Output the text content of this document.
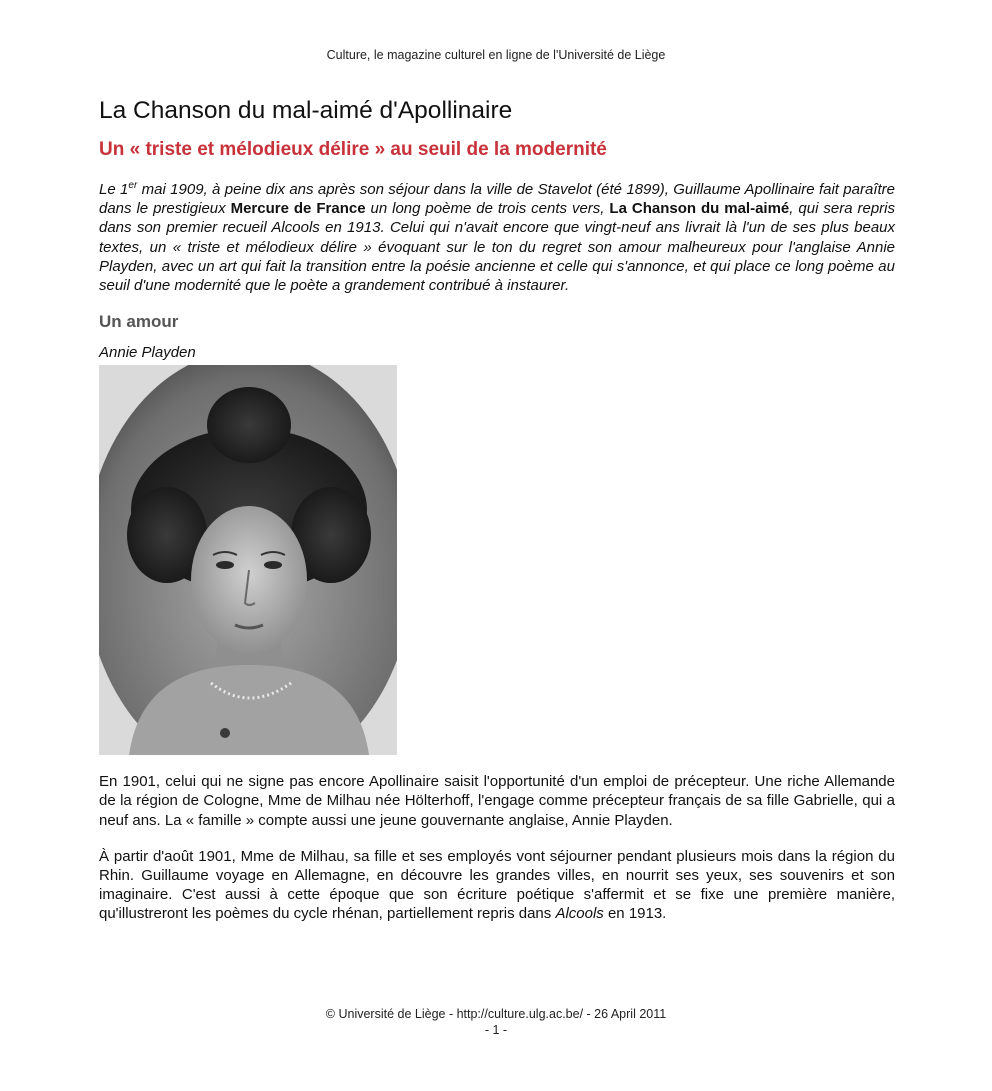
Culture, le magazine culturel en ligne de l'Université de Liège
La Chanson du mal-aimé d'Apollinaire
Un « triste et mélodieux délire » au seuil de la modernité

Le 1er mai 1909, à peine dix ans après son séjour dans la ville de Stavelot (été 1899), Guillaume Apollinaire fait paraître dans le prestigieux Mercure de France un long poème de trois cents vers, La Chanson du mal-aimé, qui sera repris dans son premier recueil Alcools en 1913. Celui qui n'avait encore que vingt-neuf ans livrait là l'un de ses plus beaux textes, un « triste et mélodieux délire » évoquant sur le ton du regret son amour malheureux pour l'anglaise Annie Playden, avec un art qui fait la transition entre la poésie ancienne et celle qui s'annonce, et qui place ce long poème au seuil d'une modernité que le poète a grandement contribué à instaurer.

Un amour

Annie Playden

En 1901, celui qui ne signe pas encore Apollinaire saisit l'opportunité d'un emploi de précepteur. Une riche Allemande de la région de Cologne, Mme de Milhau née Hölterhoff, l'engage comme précepteur français de sa fille Gabrielle, qui a neuf ans. La « famille » compte aussi une jeune gouvernante anglaise, Annie Playden.

À partir d'août 1901, Mme de Milhau, sa fille et ses employés vont séjourner pendant plusieurs mois dans la région du Rhin. Guillaume voyage en Allemagne, en découvre les grandes villes, en nourrit ses yeux, ses souvenirs et son imaginaire. C'est aussi à cette époque que son écriture poétique s'affermit et se fixe une première manière, qu'illustreront les poèmes du cycle rhénan, partiellement repris dans Alcools en 1913.

© Université de Liège - http://culture.ulg.ac.be/ - 26 April 2011
- 1 -
